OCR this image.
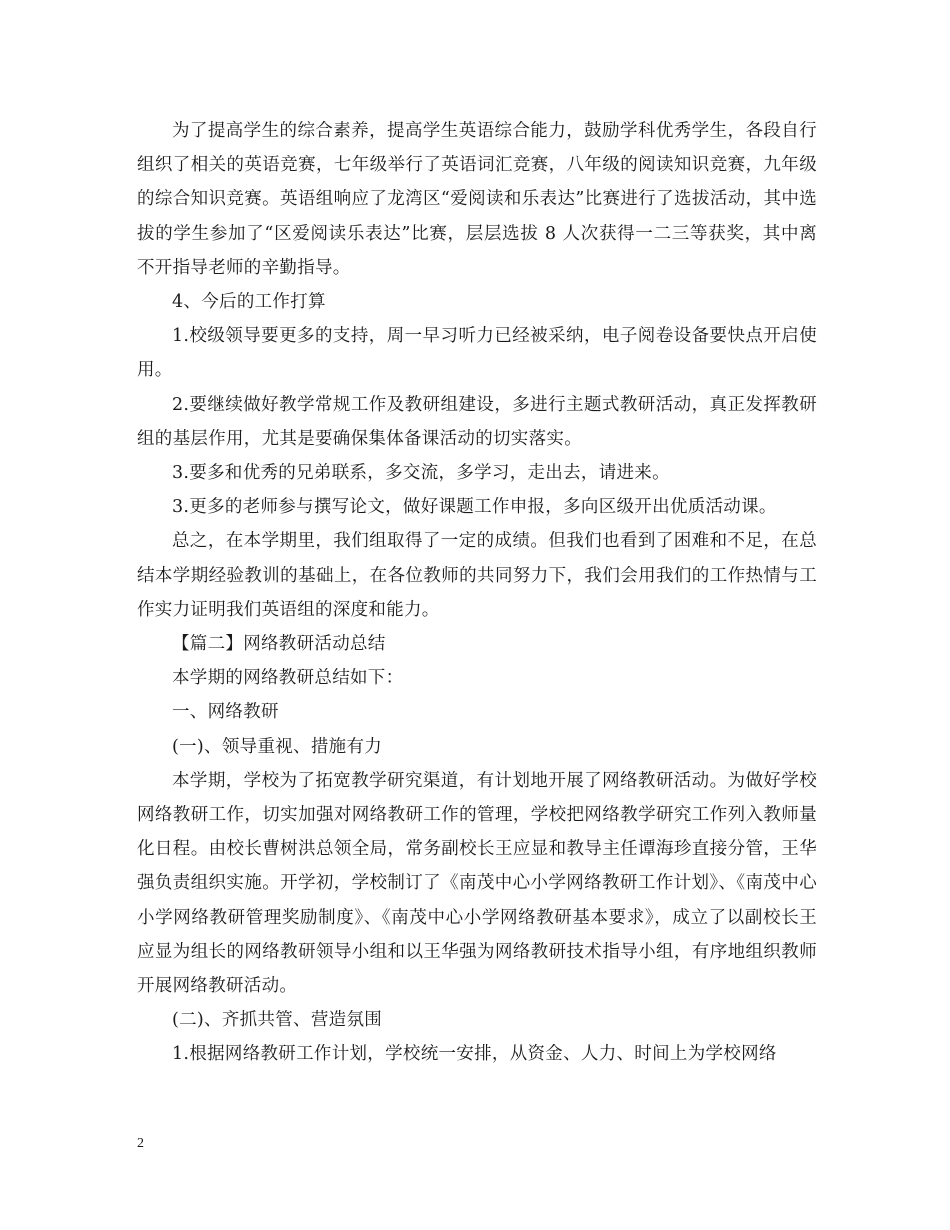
为了提高学生的综合素养，提高学生英语综合能力，鼓励学科优秀学生，各段自行组织了相关的英语竞赛，七年级举行了英语词汇竞赛，八年级的阅读知识竞赛，九年级的综合知识竞赛。英语组响应了龙湾区“爱阅读和乐表达”比赛进行了选拔活动，其中选拔的学生参加了“区爱阅读乐表达”比赛，层层选拔 8 人次获得一二三等获奖，其中离不开指导老师的辛勤指导。

4、今后的工作打算

1.校级领导要更多的支持，周一早习听力已经被采纳，电子阅卷设备要快点开启使用。

2.要继续做好教学常规工作及教研组建设，多进行主题式教研活动，真正发挥教研组的基层作用，尤其是要确保集体备课活动的切实落实。

3.要多和优秀的兄弟联系，多交流，多学习，走出去，请进来。

3.更多的老师参与撰写论文，做好课题工作申报，多向区级开出优质活动课。

总之，在本学期里，我们组取得了一定的成绩。但我们也看到了困难和不足，在总结本学期经验教训的基础上，在各位教师的共同努力下，我们会用我们的工作热情与工作实力证明我们英语组的深度和能力。

【篇二】网络教研活动总结

本学期的网络教研总结如下：

一、网络教研

(一)、领导重视、措施有力

本学期，学校为了拓宽教学研究渠道，有计划地开展了网络教研活动。为做好学校网络教研工作，切实加强对网络教研工作的管理，学校把网络教学研究工作列入教师量化日程。由校长曹树洪总领全局，常务副校长王应显和教导主任谭海珍直接分管，王华强负责组织实施。开学初，学校制订了《南茂中心小学网络教研工作计划》、《南茂中心小学网络教研管理奖励制度》、《南茂中心小学网络教研基本要求》，成立了以副校长王应显为组长的网络教研领导小组和以王华强为网络教研技术指导小组，有序地组织教师开展网络教研活动。

(二)、齐抓共管、营造氛围

1.根据网络教研工作计划，学校统一安排，从资金、人力、时间上为学校网络

2
